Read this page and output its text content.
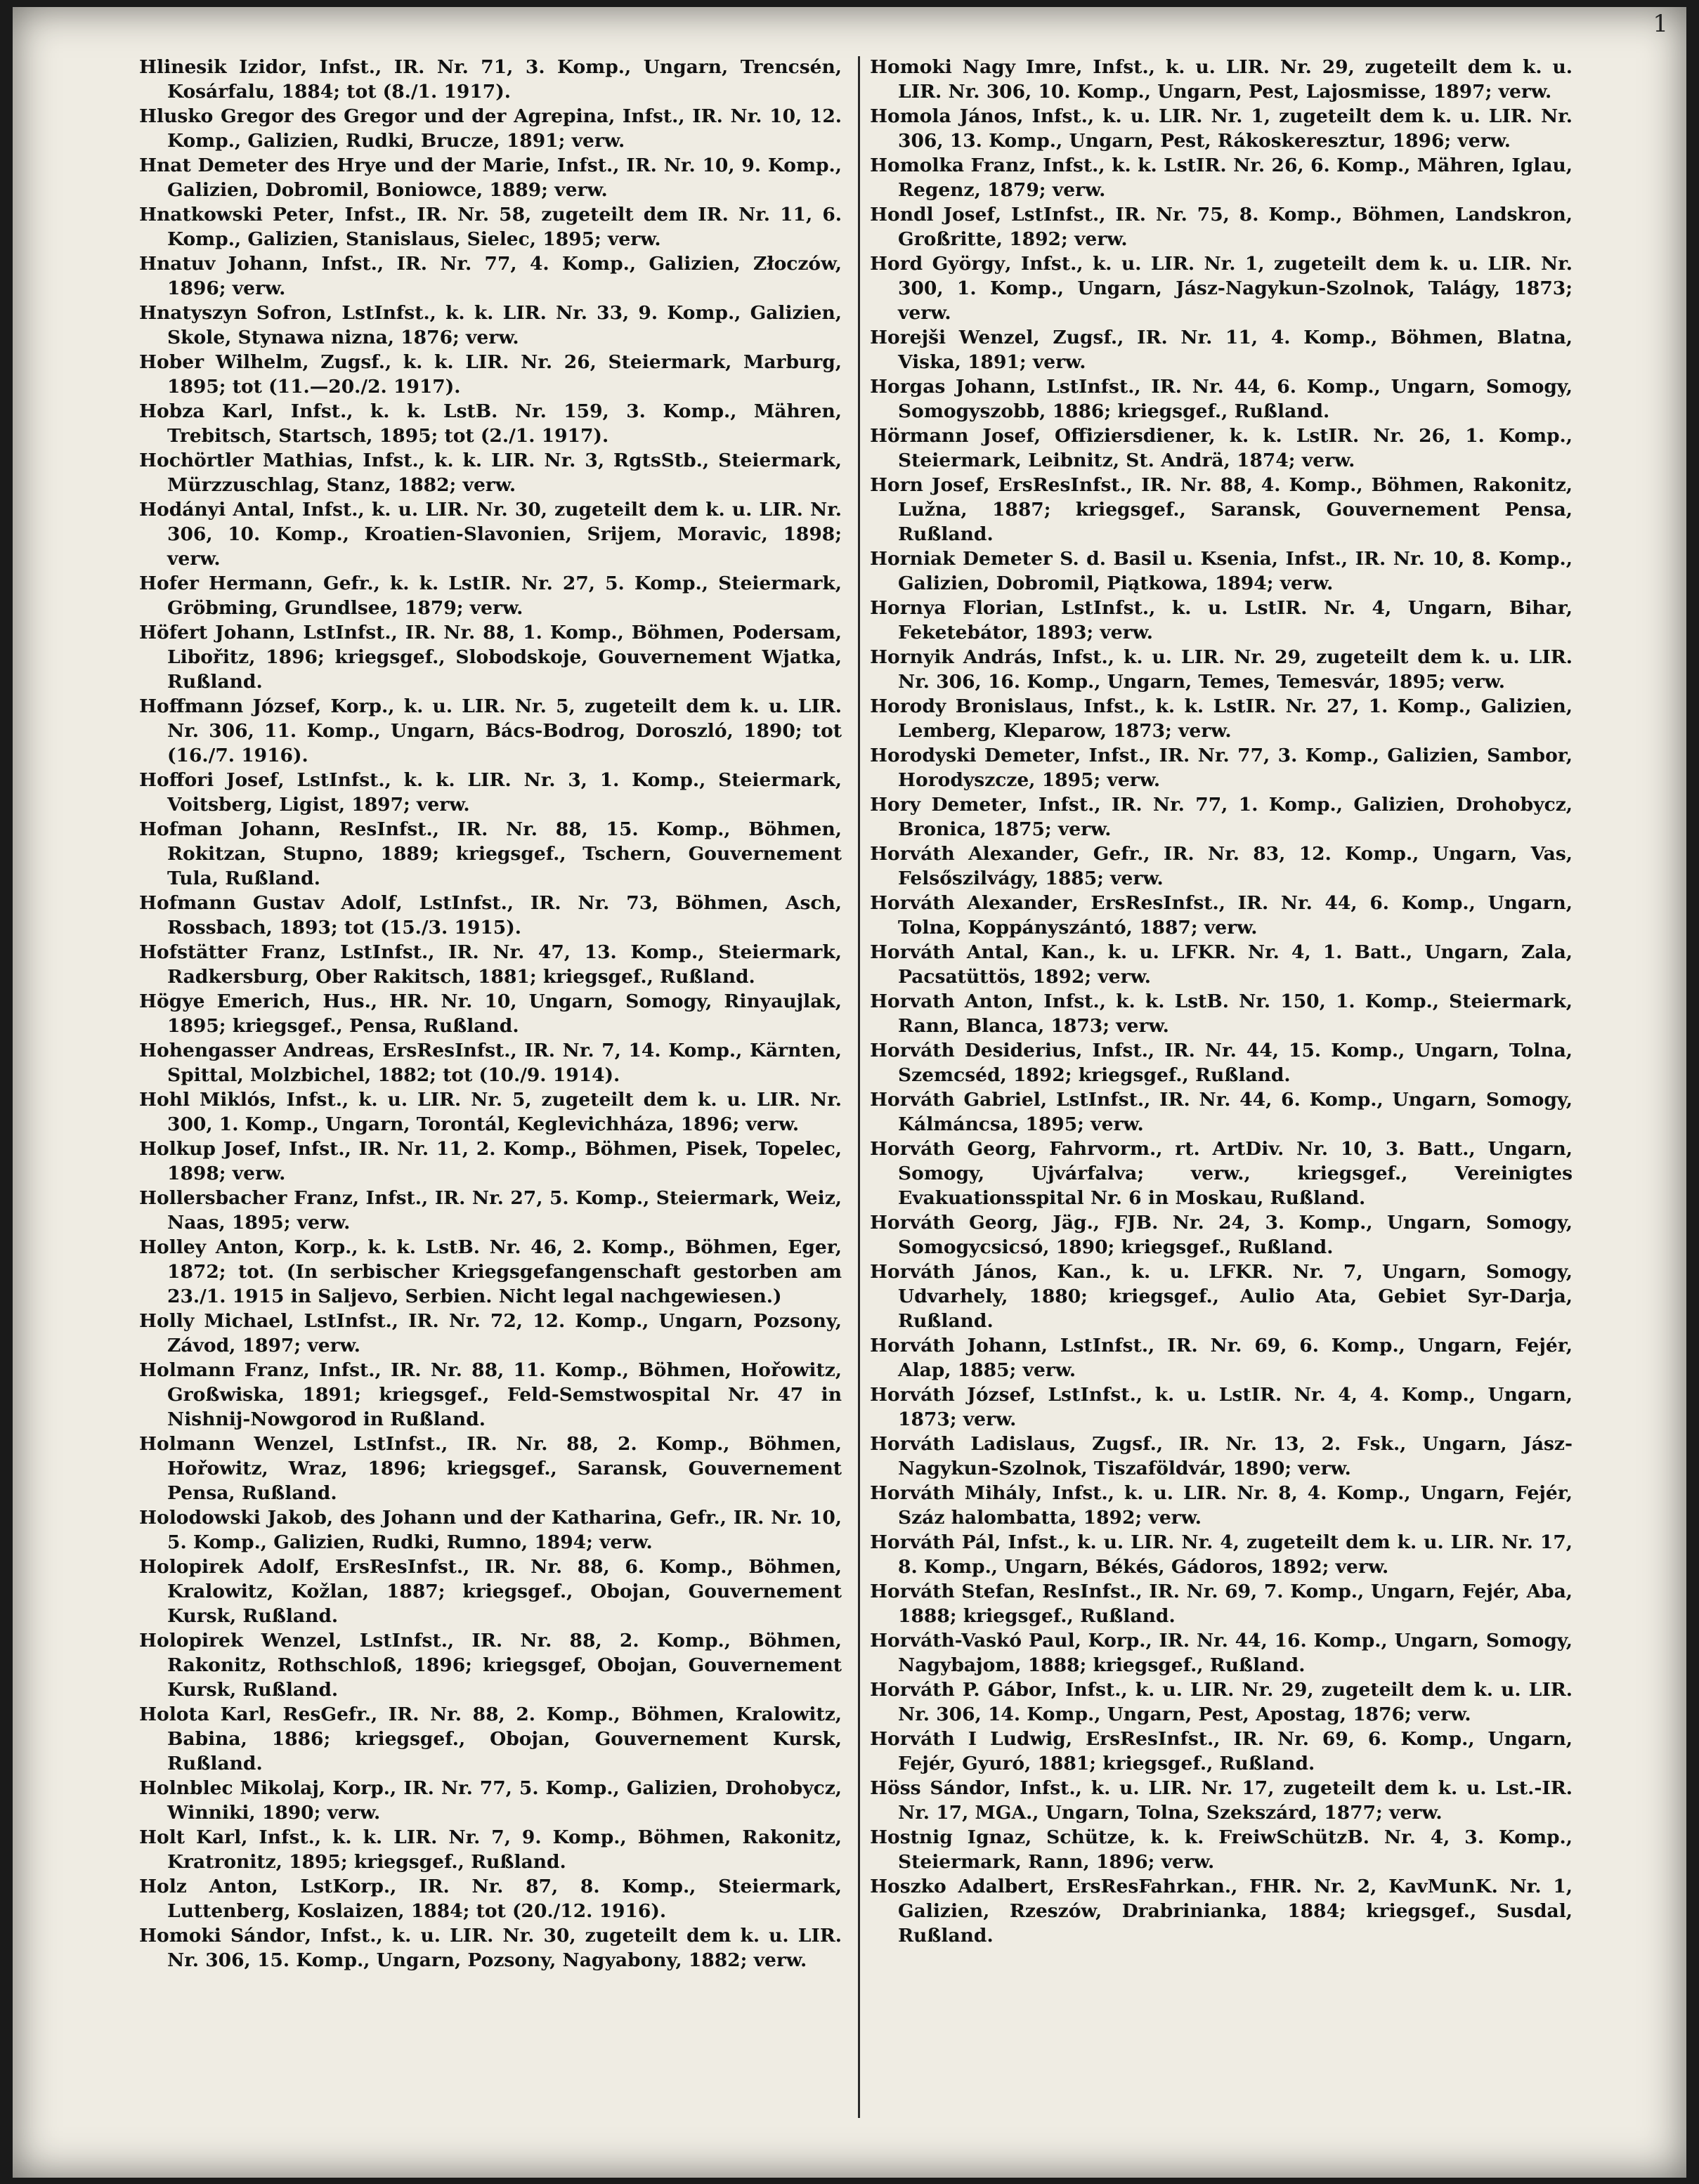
1

Hlinesik Izidor, Infst., IR. Nr. 71, 3. Komp., Ungarn, Trencsén, Kosárfalu, 1884; tot (8./1. 1917).

Hlusko Gregor des Gregor und der Agrepina, Infst., IR. Nr. 10, 12. Komp., Galizien, Rudki, Brucze, 1891; verw.

Hnat Demeter des Hrye und der Marie, Infst., IR. Nr. 10, 9. Komp., Galizien, Dobromil, Boniowce, 1889; verw.

Hnatkowski Peter, Infst., IR. Nr. 58, zugeteilt dem IR. Nr. 11, 6. Komp., Galizien, Stanislaus, Sielec, 1895; verw.

Hnatuv Johann, Infst., IR. Nr. 77, 4. Komp., Galizien, Złoczów, 1896; verw.

Hnatyszyn Sofron, LstInfst., k. k. LIR. Nr. 33, 9. Komp., Galizien, Skole, Stynawa nizna, 1876; verw.

Hober Wilhelm, Zugsf., k. k. LIR. Nr. 26, Steiermark, Marburg, 1895; tot (11.—20./2. 1917).

Hobza Karl, Infst., k. k. LstB. Nr. 159, 3. Komp., Mähren, Trebitsch, Startsch, 1895; tot (2./1. 1917).

Hochörtler Mathias, Infst., k. k. LIR. Nr. 3, RgtsStb., Steiermark, Mürzzuschlag, Stanz, 1882; verw.

Hodányi Antal, Infst., k. u. LIR. Nr. 30, zugeteilt dem k. u. LIR. Nr. 306, 10. Komp., Kroatien-Slavonien, Srijem, Moravic, 1898; verw.

Hofer Hermann, Gefr., k. k. LstIR. Nr. 27, 5. Komp., Steiermark, Gröbming, Grundlsee, 1879; verw.

Höfert Johann, LstInfst., IR. Nr. 88, 1. Komp., Böhmen, Podersam, Libořitz, 1896; kriegsgef., Slobodskoje, Gouvernement Wjatka, Rußland.

Hoffmann József, Korp., k. u. LIR. Nr. 5, zugeteilt dem k. u. LIR. Nr. 306, 11. Komp., Ungarn, Bács-Bodrog, Doroszló, 1890; tot (16./7. 1916).

Hoffori Josef, LstInfst., k. k. LIR. Nr. 3, 1. Komp., Steiermark, Voitsberg, Ligist, 1897; verw.

Hofman Johann, ResInfst., IR. Nr. 88, 15. Komp., Böhmen, Rokitzan, Stupno, 1889; kriegsgef., Tschern, Gouvernement Tula, Rußland.

Hofmann Gustav Adolf, LstInfst., IR. Nr. 73, Böhmen, Asch, Rossbach, 1893; tot (15./3. 1915).

Hofstätter Franz, LstInfst., IR. Nr. 47, 13. Komp., Steiermark, Radkersburg, Ober Rakitsch, 1881; kriegsgef., Rußland.

Högye Emerich, Hus., HR. Nr. 10, Ungarn, Somogy, Rinyaujlak, 1895; kriegsgef., Pensa, Rußland.

Hohengasser Andreas, ErsResInfst., IR. Nr. 7, 14. Komp., Kärnten, Spittal, Molzbichel, 1882; tot (10./9. 1914).

Hohl Miklós, Infst., k. u. LIR. Nr. 5, zugeteilt dem k. u. LIR. Nr. 300, 1. Komp., Ungarn, Torontál, Keglevichháza, 1896; verw.

Holkup Josef, Infst., IR. Nr. 11, 2. Komp., Böhmen, Pisek, Topelec, 1898; verw.

Hollersbacher Franz, Infst., IR. Nr. 27, 5. Komp., Steiermark, Weiz, Naas, 1895; verw.

Holley Anton, Korp., k. k. LstB. Nr. 46, 2. Komp., Böhmen, Eger, 1872; tot. (In serbischer Kriegsgefangenschaft gestorben am 23./1. 1915 in Saljevo, Serbien. Nicht legal nachgewiesen.)

Holly Michael, LstInfst., IR. Nr. 72, 12. Komp., Ungarn, Pozsony, Závod, 1897; verw.

Holmann Franz, Infst., IR. Nr. 88, 11. Komp., Böhmen, Hořowitz, Großwiska, 1891; kriegsgef., Feld-Semstwospital Nr. 47 in Nishnij-Nowgorod in Rußland.

Holmann Wenzel, LstInfst., IR. Nr. 88, 2. Komp., Böhmen, Hořowitz, Wraz, 1896; kriegsgef., Saransk, Gouvernement Pensa, Rußland.

Holodowski Jakob, des Johann und der Katharina, Gefr., IR. Nr. 10, 5. Komp., Galizien, Rudki, Rumno, 1894; verw.

Holopirek Adolf, ErsResInfst., IR. Nr. 88, 6. Komp., Böhmen, Kralowitz, Kožlan, 1887; kriegsgef., Obojan, Gouvernement Kursk, Rußland.

Holopirek Wenzel, LstInfst., IR. Nr. 88, 2. Komp., Böhmen, Rakonitz, Rothschloß, 1896; kriegsgef, Obojan, Gouvernement Kursk, Rußland.

Holota Karl, ResGefr., IR. Nr. 88, 2. Komp., Böhmen, Kralowitz, Babina, 1886; kriegsgef., Obojan, Gouvernement Kursk, Rußland.

Holnblec Mikolaj, Korp., IR. Nr. 77, 5. Komp., Galizien, Drohobycz, Winniki, 1890; verw.

Holt Karl, Infst., k. k. LIR. Nr. 7, 9. Komp., Böhmen, Rakonitz, Kratronitz, 1895; kriegsgef., Rußland.

Holz Anton, LstKorp., IR. Nr. 87, 8. Komp., Steiermark, Luttenberg, Koslaizen, 1884; tot (20./12. 1916).

Homoki Sándor, Infst., k. u. LIR. Nr. 30, zugeteilt dem k. u. LIR. Nr. 306, 15. Komp., Ungarn, Pozsony, Nagyabony, 1882; verw.

Homoki Nagy Imre, Infst., k. u. LIR. Nr. 29, zugeteilt dem k. u. LIR. Nr. 306, 10. Komp., Ungarn, Pest, Lajosmisse, 1897; verw.

Homola János, Infst., k. u. LIR. Nr. 1, zugeteilt dem k. u. LIR. Nr. 306, 13. Komp., Ungarn, Pest, Rákoskeresztur, 1896; verw.

Homolka Franz, Infst., k. k. LstIR. Nr. 26, 6. Komp., Mähren, Iglau, Regenz, 1879; verw.

Hondl Josef, LstInfst., IR. Nr. 75, 8. Komp., Böhmen, Landskron, Großritte, 1892; verw.

Hord György, Infst., k. u. LIR. Nr. 1, zugeteilt dem k. u. LIR. Nr. 300, 1. Komp., Ungarn, Jász-Nagykun-Szolnok, Talágy, 1873; verw.

Horejši Wenzel, Zugsf., IR. Nr. 11, 4. Komp., Böhmen, Blatna, Viska, 1891; verw.

Horgas Johann, LstInfst., IR. Nr. 44, 6. Komp., Ungarn, Somogy, Somogyszobb, 1886; kriegsgef., Rußland.

Hörmann Josef, Offiziersdiener, k. k. LstIR. Nr. 26, 1. Komp., Steiermark, Leibnitz, St. Andrä, 1874; verw.

Horn Josef, ErsResInfst., IR. Nr. 88, 4. Komp., Böhmen, Rakonitz, Lužna, 1887; kriegsgef., Saransk, Gouvernement Pensa, Rußland.

Horniak Demeter S. d. Basil u. Ksenia, Infst., IR. Nr. 10, 8. Komp., Galizien, Dobromil, Piątkowa, 1894; verw.

Hornya Florian, LstInfst., k. u. LstIR. Nr. 4, Ungarn, Bihar, Feketebátor, 1893; verw.

Hornyik András, Infst., k. u. LIR. Nr. 29, zugeteilt dem k. u. LIR. Nr. 306, 16. Komp., Ungarn, Temes, Temesvár, 1895; verw.

Horody Bronislaus, Infst., k. k. LstIR. Nr. 27, 1. Komp., Galizien, Lemberg, Kleparow, 1873; verw.

Horodyski Demeter, Infst., IR. Nr. 77, 3. Komp., Galizien, Sambor, Horodyszcze, 1895; verw.

Hory Demeter, Infst., IR. Nr. 77, 1. Komp., Galizien, Drohobycz, Bronica, 1875; verw.

Horváth Alexander, Gefr., IR. Nr. 83, 12. Komp., Ungarn, Vas, Felsőszilvágy, 1885; verw.

Horváth Alexander, ErsResInfst., IR. Nr. 44, 6. Komp., Ungarn, Tolna, Koppányszántó, 1887; verw.

Horváth Antal, Kan., k. u. LFKR. Nr. 4, 1. Batt., Ungarn, Zala, Pacsatüttös, 1892; verw.

Horvath Anton, Infst., k. k. LstB. Nr. 150, 1. Komp., Steiermark, Rann, Blanca, 1873; verw.

Horváth Desiderius, Infst., IR. Nr. 44, 15. Komp., Ungarn, Tolna, Szemcséd, 1892; kriegsgef., Rußland.

Horváth Gabriel, LstInfst., IR. Nr. 44, 6. Komp., Ungarn, Somogy, Kálmáncsa, 1895; verw.

Horváth Georg, Fahrvorm., rt. ArtDiv. Nr. 10, 3. Batt., Ungarn, Somogy, Ujvárfalva; verw., kriegsgef., Vereinigtes Evakuationsspital Nr. 6 in Moskau, Rußland.

Horváth Georg, Jäg., FJB. Nr. 24, 3. Komp., Ungarn, Somogy, Somogycsicsó, 1890; kriegsgef., Rußland.

Horváth János, Kan., k. u. LFKR. Nr. 7, Ungarn, Somogy, Udvarhely, 1880; kriegsgef., Aulio Ata, Gebiet Syr-Darja, Rußland.

Horváth Johann, LstInfst., IR. Nr. 69, 6. Komp., Ungarn, Fejér, Alap, 1885; verw.

Horváth József, LstInfst., k. u. LstIR. Nr. 4, 4. Komp., Ungarn, 1873; verw.

Horváth Ladislaus, Zugsf., IR. Nr. 13, 2. Fsk., Ungarn, Jász-Nagykun-Szolnok, Tiszaföldvár, 1890; verw.

Horváth Mihály, Infst., k. u. LIR. Nr. 8, 4. Komp., Ungarn, Fejér, Száz halombatta, 1892; verw.

Horváth Pál, Infst., k. u. LIR. Nr. 4, zugeteilt dem k. u. LIR. Nr. 17, 8. Komp., Ungarn, Békés, Gádoros, 1892; verw.

Horváth Stefan, ResInfst., IR. Nr. 69, 7. Komp., Ungarn, Fejér, Aba, 1888; kriegsgef., Rußland.

Horváth-Vaskó Paul, Korp., IR. Nr. 44, 16. Komp., Ungarn, Somogy, Nagybajom, 1888; kriegsgef., Rußland.

Horváth P. Gábor, Infst., k. u. LIR. Nr. 29, zugeteilt dem k. u. LIR. Nr. 306, 14. Komp., Ungarn, Pest, Apostag, 1876; verw.

Horváth I Ludwig, ErsResInfst., IR. Nr. 69, 6. Komp., Ungarn, Fejér, Gyuró, 1881; kriegsgef., Rußland.

Höss Sándor, Infst., k. u. LIR. Nr. 17, zugeteilt dem k. u. Lst.-IR. Nr. 17, MGA., Ungarn, Tolna, Szekszárd, 1877; verw.

Hostnig Ignaz, Schütze, k. k. FreiwSchützB. Nr. 4, 3. Komp., Steiermark, Rann, 1896; verw.

Hoszko Adalbert, ErsResFahrkan., FHR. Nr. 2, KavMunK. Nr. 1, Galizien, Rzeszów, Drabrinianka, 1884; kriegsgef., Susdal, Rußland.
